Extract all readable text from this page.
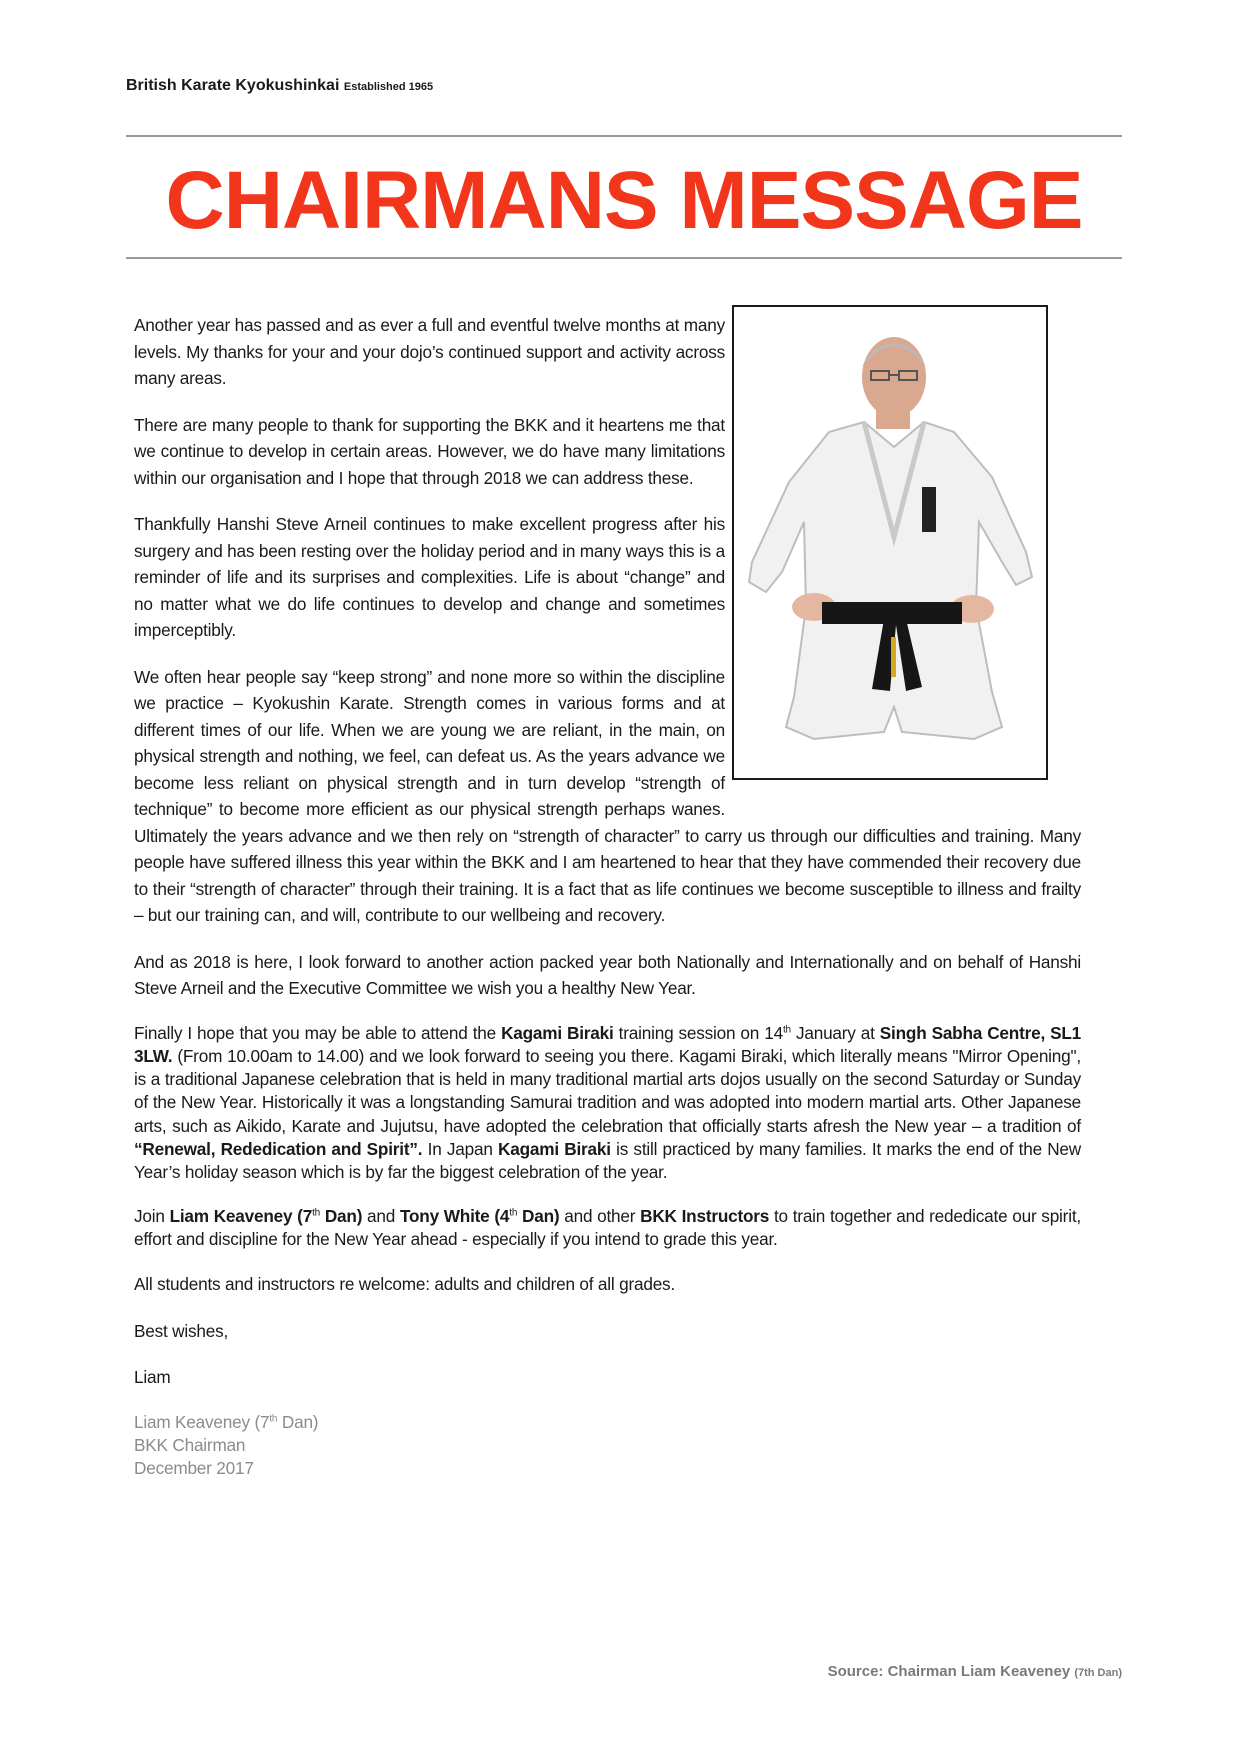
British Karate Kyokushinkai Established 1965
CHAIRMANS MESSAGE

Another year has passed and as ever a full and eventful twelve months at many levels. My thanks for your and your dojo’s continued support and activity across many areas.

There are many people to thank for supporting the BKK and it heartens me that we continue to develop in certain areas. However, we do have many limitations within our organisation and I hope that through 2018 we can address these.

Thankfully Hanshi Steve Arneil continues to make excellent progress after his surgery and has been resting over the holiday period and in many ways this is a reminder of life and its surprises and complexities. Life is about “change” and no matter what we do life continues to develop and change and sometimes imperceptibly.

We often hear people say “keep strong” and none more so within the discipline we practice – Kyokushin Karate. Strength comes in various forms and at different times of our life. When we are young we are reliant, in the main, on physical strength and nothing, we feel, can defeat us. As the years advance we become less reliant on physical strength and in turn develop “strength of technique” to become more efficient as our physical strength perhaps wanes. Ultimately the years advance and we then rely on “strength of character” to carry us through our difficulties and training. Many people have suffered illness this year within the BKK and I am heartened to hear that they have commended their recovery due to their “strength of character” through their training. It is a fact that as life continues we become susceptible to illness and frailty – but our training can, and will, contribute to our wellbeing and recovery.

And as 2018 is here, I look forward to another action packed year both Nationally and Internationally and on behalf of Hanshi Steve Arneil and the Executive Committee we wish you a healthy New Year.

Finally I hope that you may be able to attend the Kagami Biraki training session on 14th January at Singh Sabha Centre, SL1 3LW. (From 10.00am to 14.00) and we look forward to seeing you there. Kagami Biraki, which literally means "Mirror Opening", is a traditional Japanese celebration that is held in many traditional martial arts dojos usually on the second Saturday or Sunday of the New Year. Historically it was a longstanding Samurai tradition and was adopted into modern martial arts. Other Japanese arts, such as Aikido, Karate and Jujutsu, have adopted the celebration that officially starts afresh the New year – a tradition of “Renewal, Rededication and Spirit”. In Japan Kagami Biraki is still practiced by many families. It marks the end of the New Year’s holiday season which is by far the biggest celebration of the year.

Join Liam Keaveney (7th Dan) and Tony White (4th Dan) and other BKK Instructors to train together and rededicate our spirit, effort and discipline for the New Year ahead - especially if you intend to grade this year.

All students and instructors re welcome: adults and children of all grades.

Best wishes,

Liam

Liam Keaveney (7th Dan)
BKK Chairman
December 2017
Source: Chairman Liam Keaveney (7th Dan)
